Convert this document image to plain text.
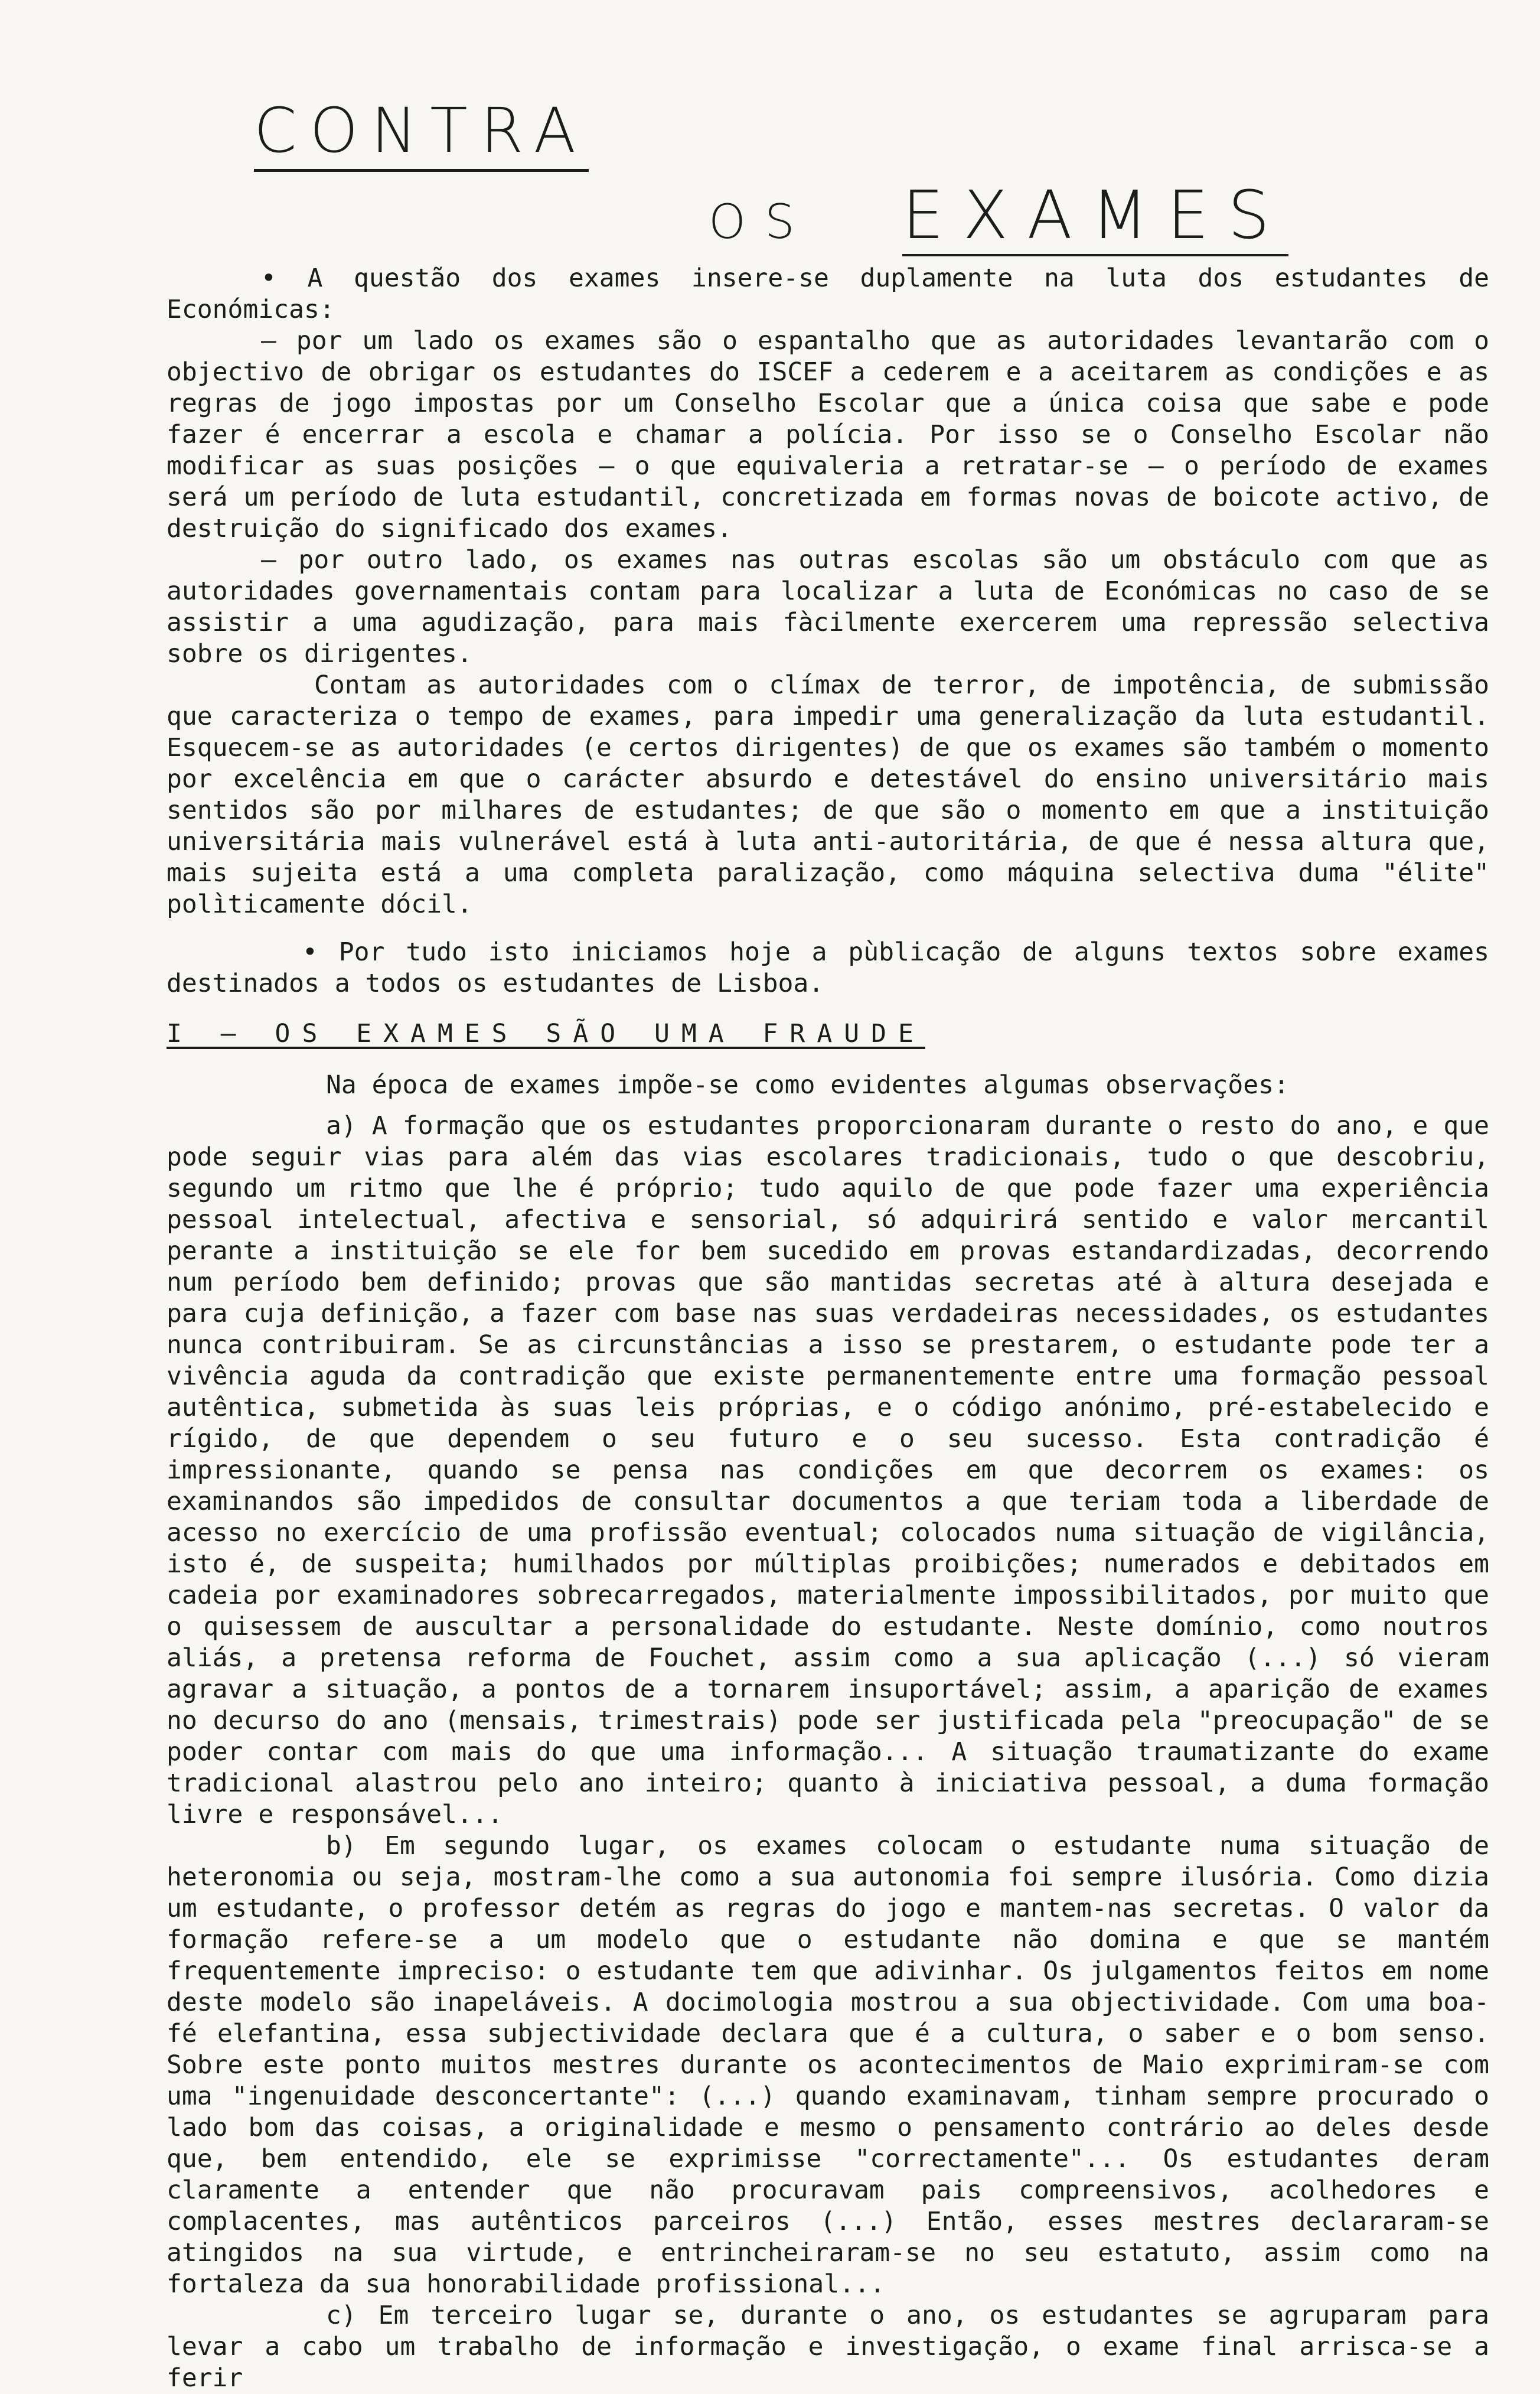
CONTRA
OS EXAMES

• A questão dos exames insere-se duplamente na luta dos estudantes de Económicas:

– por um lado os exames são o espantalho que as autoridades levantarão com o objectivo de obrigar os estudantes do ISCEF a cederem e a aceitarem as condições e as regras de jogo impostas por um Conselho Escolar que a única coisa que sabe e pode fazer é encerrar a escola e chamar a polícia. Por isso se o Conselho Escolar não modificar as suas posições – o que equivaleria a retratar-se – o período de exames será um período de luta estudantil, concretizada em formas novas de boicote activo, de destruição do significado dos exames.

– por outro lado, os exames nas outras escolas são um obstáculo com que as autoridades governamentais contam para localizar a luta de Económicas no caso de se assistir a uma agudização, para mais fàcilmente exercerem uma repressão selectiva sobre os dirigentes.

Contam as autoridades com o clímax de terror, de impotência, de submissão que caracteriza o tempo de exames, para impedir uma generalização da luta estudantil. Esquecem-se as autoridades (e certos dirigentes) de que os exames são também o momento por excelência em que o carácter absurdo e detestável do ensino universitário mais sentidos são por milhares de estudantes; de que são o momento em que a instituição universitária mais vulnerável está à luta anti-autoritária, de que é nessa altura que, mais sujeita está a uma completa paralização, como máquina selectiva duma "élite" polìticamente dócil.

• Por tudo isto iniciamos hoje a pùblicação de alguns textos sobre exames destinados a todos os estudantes de Lisboa.

I – OS EXAMES SÃO UMA FRAUDE

Na época de exames impõe-se como evidentes algumas observações:

a) A formação que os estudantes proporcionaram durante o resto do ano, e que pode seguir vias para além das vias escolares tradicionais, tudo o que descobriu, segundo um ritmo que lhe é próprio; tudo aquilo de que pode fazer uma experiência pessoal intelectual, afectiva e sensorial, só adquirirá sentido e valor mercantil perante a instituição se ele for bem sucedido em provas estandardizadas, decorrendo num período bem definido; provas que são mantidas secretas até à altura desejada e para cuja definição, a fazer com base nas suas verdadeiras necessidades, os estudantes nunca contribuiram. Se as circunstâncias a isso se prestarem, o estudante pode ter a vivência aguda da contradição que existe permanentemente entre uma formação pessoal autêntica, submetida às suas leis próprias, e o código anónimo, pré-estabelecido e rígido, de que dependem o seu futuro e o seu sucesso. Esta contradição é impressionante, quando se pensa nas condições em que decorrem os exames: os examinandos são impedidos de consultar documentos a que teriam toda a liberdade de acesso no exercício de uma profissão eventual; colocados numa situação de vigilância, isto é, de suspeita; humilhados por múltiplas proibições; numerados e debitados em cadeia por examinadores sobrecarregados, materialmente impossibilitados, por muito que o quisessem de auscultar a personalidade do estudante. Neste domínio, como noutros aliás, a pretensa reforma de Fouchet, assim como a sua aplicação (...) só vieram agravar a situação, a pontos de a tornarem insuportável; assim, a aparição de exames no decurso do ano (mensais, trimestrais) pode ser justificada pela "preocupação" de se poder contar com mais do que uma informação... A situação traumatizante do exame tradicional alastrou pelo ano inteiro; quanto à iniciativa pessoal, a duma formação livre e responsável...

b) Em segundo lugar, os exames colocam o estudante numa situação de heteronomia ou seja, mostram-lhe como a sua autonomia foi sempre ilusória. Como dizia um estudante, o professor detém as regras do jogo e mantem-nas secretas. O valor da formação refere-se a um modelo que o estudante não domina e que se mantém frequentemente impreciso: o estudante tem que adivinhar. Os julgamentos feitos em nome deste modelo são inapeláveis. A docimologia mostrou a sua objectividade. Com uma boa-fé elefantina, essa subjectividade declara que é a cultura, o saber e o bom senso. Sobre este ponto muitos mestres durante os acontecimentos de Maio exprimiram-se com uma "ingenuidade desconcertante": (...) quando examinavam, tinham sempre procurado o lado bom das coisas, a originalidade e mesmo o pensamento contrário ao deles desde que, bem entendido, ele se exprimisse "correctamente"... Os estudantes deram claramente a entender que não procuravam pais compreensivos, acolhedores e complacentes, mas autênticos parceiros (...) Então, esses mestres declararam-se atingidos na sua virtude, e entrincheiraram-se no seu estatuto, assim como na fortaleza da sua honorabilidade profissional...

c) Em terceiro lugar se, durante o ano, os estudantes se agruparam para levar a cabo um trabalho de informação e investigação, o exame final arrisca-se a ferir
